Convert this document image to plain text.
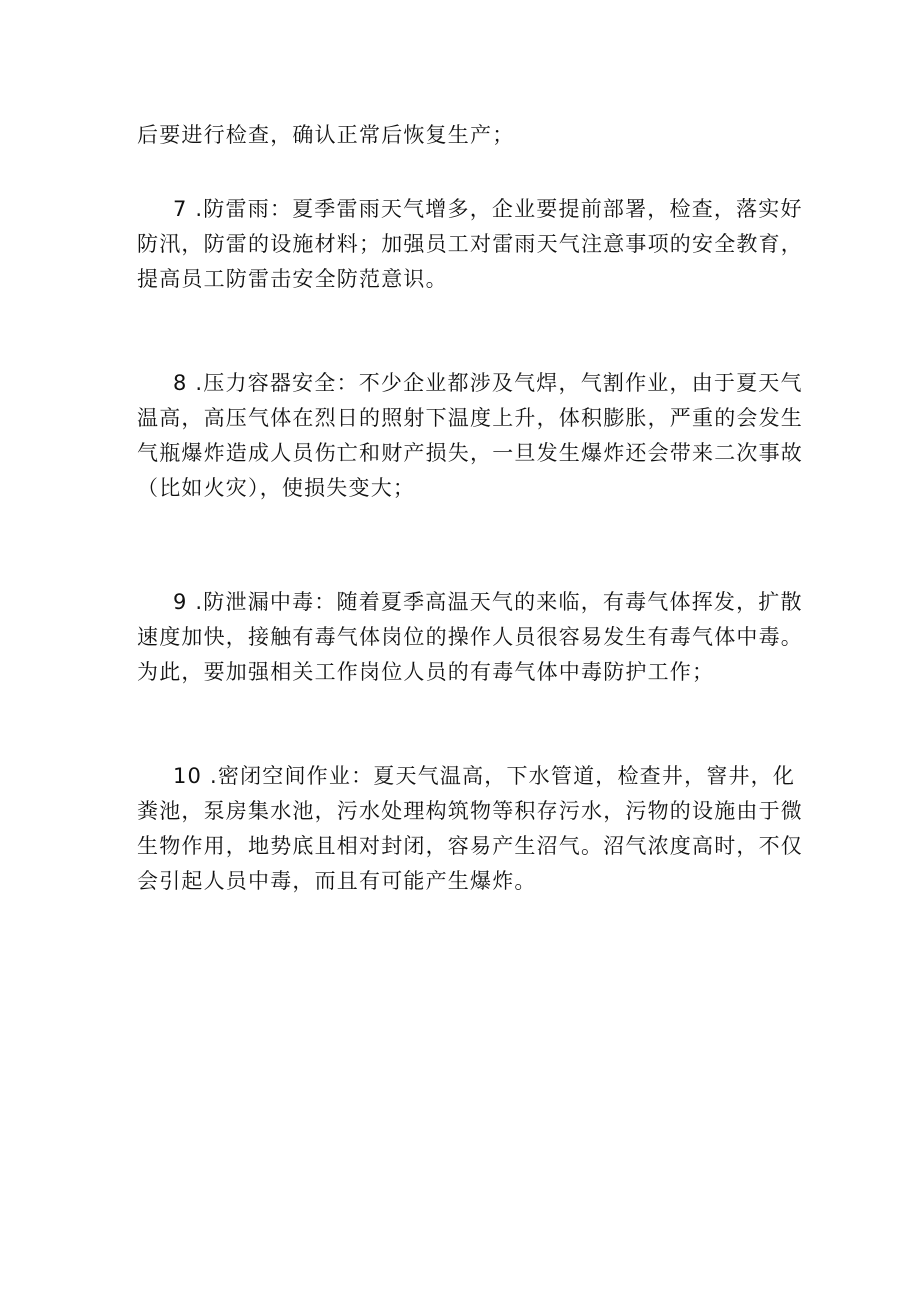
后要进行检查，确认正常后恢复生产；
7 .防雷雨：夏季雷雨天气增多，企业要提前部署，检查，落实好
防汛，防雷的设施材料；加强员工对雷雨天气注意事项的安全教育，
提高员工防雷击安全防范意识。
8 .压力容器安全：不少企业都涉及气焊，气割作业，由于夏天气
温高，高压气体在烈日的照射下温度上升，体积膨胀，严重的会发生
气瓶爆炸造成人员伤亡和财产损失，一旦发生爆炸还会带来二次事故
（比如火灾），使损失变大；
9 .防泄漏中毒：随着夏季高温天气的来临，有毒气体挥发，扩散
速度加快，接触有毒气体岗位的操作人员很容易发生有毒气体中毒。
为此，要加强相关工作岗位人员的有毒气体中毒防护工作；
10 .密闭空间作业：夏天气温高，下水管道，检查井，窨井，化
粪池，泵房集水池，污水处理构筑物等积存污水，污物的设施由于微
生物作用，地势底且相对封闭，容易产生沼气。沼气浓度高时，不仅
会引起人员中毒，而且有可能产生爆炸。
